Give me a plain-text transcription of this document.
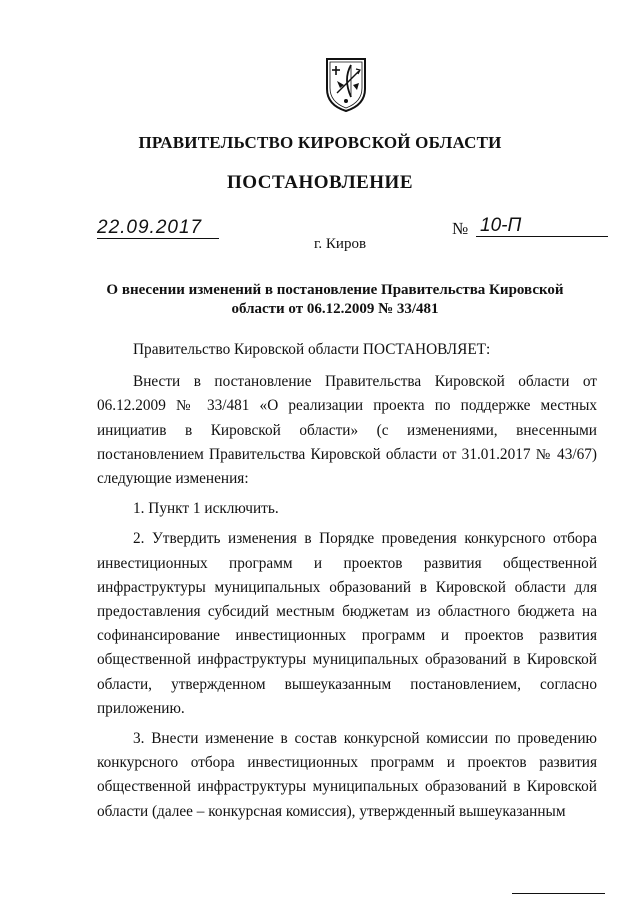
ПРАВИТЕЛЬСТВО КИРОВСКОЙ ОБЛАСТИ
ПОСТАНОВЛЕНИЕ
22.09.2017	№ 10-П
г. Киров
О внесении изменений в постановление Правительства Кировской
области от 06.12.2009 № 33/481

Правительство Кировской области ПОСТАНОВЛЯЕТ:

Внести в постановление Правительства Кировской области от 06.12.2009 № 33/481 «О реализации проекта по поддержке местных инициатив в Кировской области» (с изменениями, внесенными постановлением Правительства Кировской области от 31.01.2017 № 43/67) следующие изменения:

1. Пункт 1 исключить.

2. Утвердить изменения в Порядке проведения конкурсного отбора инвестиционных программ и проектов развития общественной инфраструктуры муниципальных образований в Кировской области для предоставления субсидий местным бюджетам из областного бюджета на софинансирование инвестиционных программ и проектов развития общественной инфраструктуры муниципальных образований в Кировской области, утвержденном вышеуказанным постановлением, согласно приложению.

3. Внести изменение в состав конкурсной комиссии по проведению конкурсного отбора инвестиционных программ и проектов развития общественной инфраструктуры муниципальных образований в Кировской области (далее – конкурсная комиссия), утвержденный вышеуказанным
